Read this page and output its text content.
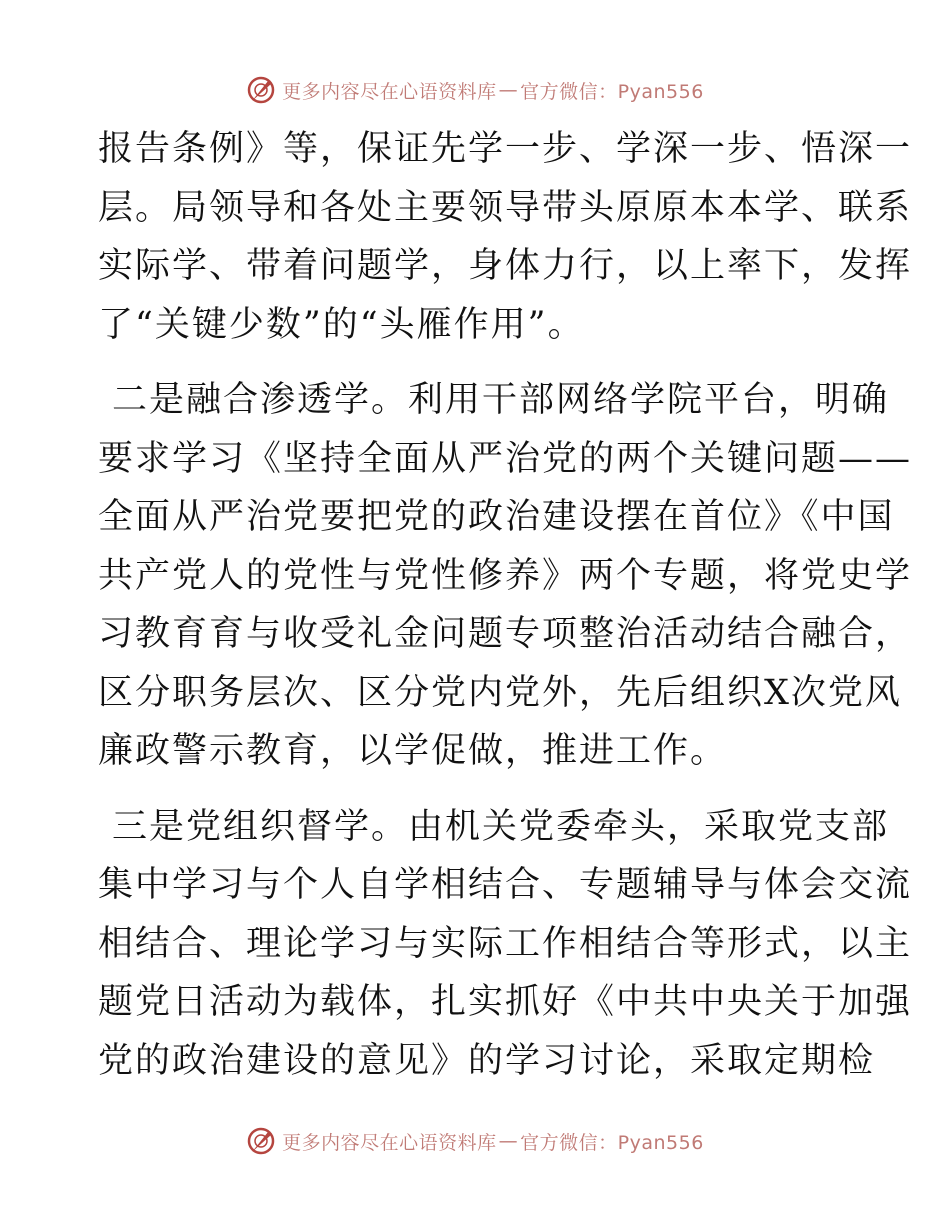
更多内容尽在心语资料库 — 官方微信：Pyan556
报告条例》等，保证先学一步、学深一步、悟深一
层。局领导和各处主要领导带头原原本本学、联系
实际学、带着问题学，身体力行，以上率下，发挥
了“关键少数”的“头雁作用”。
二是融合渗透学。利用干部网络学院平台，明确
要求学习《坚持全面从严治党的两个关键问题——
全面从严治党要把党的政治建设摆在首位》《中国
共产党人的党性与党性修养》两个专题，将党史学
习教育育与收受礼金问题专项整治活动结合融合，
区分职务层次、区分党内党外，先后组织X次党风
廉政警示教育，以学促做，推进工作。
三是党组织督学。由机关党委牵头，采取党支部
集中学习与个人自学相结合、专题辅导与体会交流
相结合、理论学习与实际工作相结合等形式，以主
题党日活动为载体，扎实抓好《中共中央关于加强
党的政治建设的意见》的学习讨论，采取定期检
更多内容尽在心语资料库 — 官方微信：Pyan556
